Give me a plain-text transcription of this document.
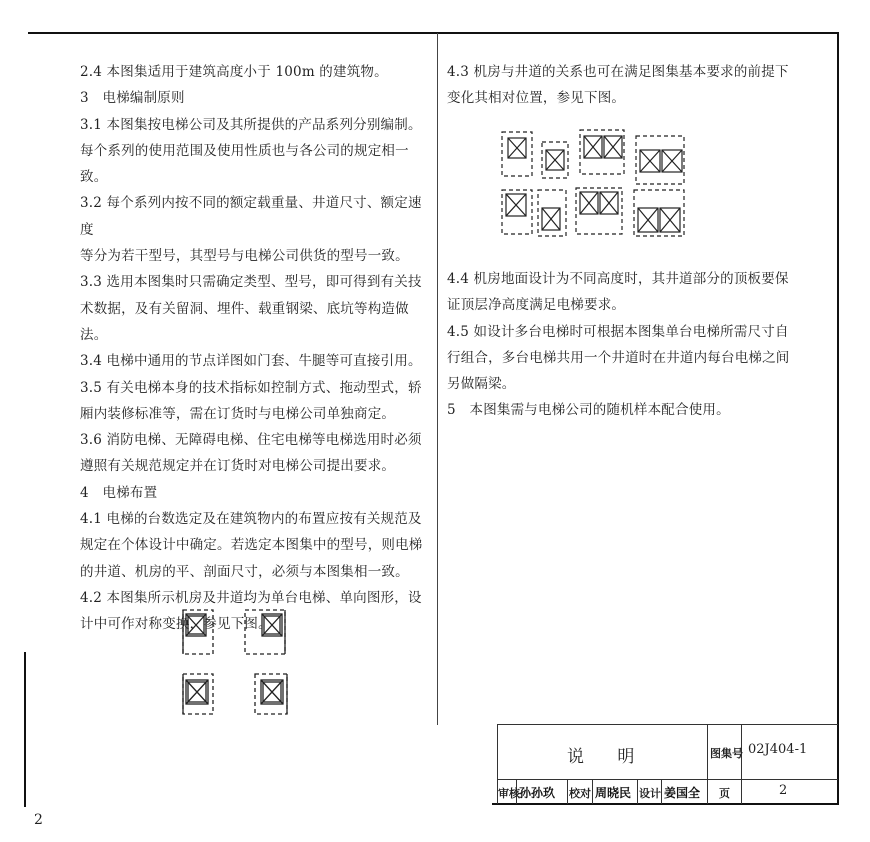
2.4 本图集适用于建筑高度小于 100m 的建筑物。

3　电梯编制原则

3.1 本图集按电梯公司及其所提供的产品系列分别编制。

每个系列的使用范围及使用性质也与各公司的规定相一

致。

3.2 每个系列内按不同的额定载重量、井道尺寸、额定速度

等分为若干型号，其型号与电梯公司供货的型号一致。

3.3 选用本图集时只需确定类型、型号，即可得到有关技

术数据，及有关留洞、埋件、载重钢梁、底坑等构造做法。

3.4 电梯中通用的节点详图如门套、牛腿等可直接引用。

3.5 有关电梯本身的技术指标如控制方式、拖动型式，轿

厢内装修标准等，需在订货时与电梯公司单独商定。

3.6 消防电梯、无障碍电梯、住宅电梯等电梯选用时必须

遵照有关规范规定并在订货时对电梯公司提出要求。

4　电梯布置

4.1 电梯的台数选定及在建筑物内的布置应按有关规范及

规定在个体设计中确定。若选定本图集中的型号，则电梯

的井道、机房的平、剖面尺寸，必须与本图集相一致。

4.2 本图集所示机房及井道均为单台电梯、单向图形，设

计中可作对称变换，参见下图。

4.3 机房与井道的关系也可在满足图集基本要求的前提下

变化其相对位置，参见下图。

4.4 机房地面设计为不同高度时，其井道部分的顶板要保

证顶层净高度满足电梯要求。

4.5 如设计多台电梯时可根据本图集单台电梯所需尺寸自

行组合，多台电梯共用一个井道时在井道内每台电梯之间

另做隔梁。

5　本图集需与电梯公司的随机样本配合使用。

说 明	图集号 02J404-1
审核 孙孙玖 校对 周晓民 设计 姜国全 页	2
2
